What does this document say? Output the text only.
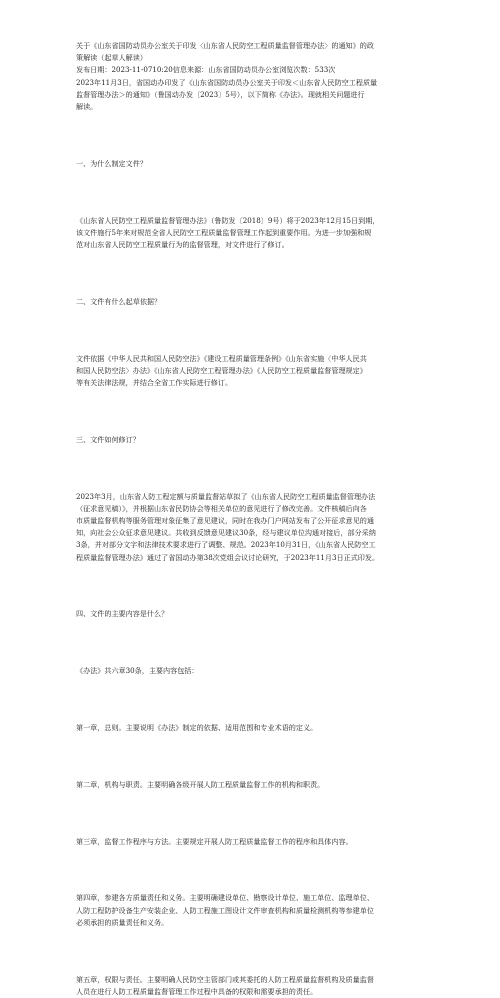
关于《山东省国防动员办公室关于印发〈山东省人民防空工程质量监督管理办法〉的通知》的政

策解读（起草人解读）

发布日期：2023-11-0710:20信息来源：山东省国防动员办公室浏览次数：533次

2023年11月3日，省国动办印发了《山东省国防动员办公室关于印发＜山东省人民防空工程质量

监督管理办法＞的通知》（鲁国动办发〔2023〕5号），以下简称《办法》。现就相关问题进行

解读。

一、为什么制定文件？

《山东省人民防空工程质量监督管理办法》（鲁防发〔2018〕9号）将于2023年12月15日到期，

该文件施行5年来对规范全省人民防空工程质量监督管理工作起到重要作用。为进一步加强和规

范对山东省人民防空工程质量行为的监督管理，对文件进行了修订。

二、文件有什么起草依据？

文件依据《中华人民共和国人民防空法》《建设工程质量管理条例》《山东省实施〈中华人民共

和国人民防空法〉办法》《山东省人民防空工程管理办法》《人民防空工程质量监督管理规定》

等有关法律法规，并结合全省工作实际进行修订。

三、文件如何修订？

2023年3月，山东省人防工程定额与质量监督站草拟了《山东省人民防空工程质量监督管理办法

（征求意见稿）》，并根据山东省民防协会等相关单位的意见进行了修改完善。文件核稿后向各

市质量监督机构等服务管理对象征集了意见建议，同时在我办门户网站发布了公开征求意见的通

知，向社会公众征求意见建议。共收到反馈意见建议30条，经与建议单位沟通对接后，部分采纳

3条，并对部分文字和法律技术要求进行了调整、规范。2023年10月31日，《山东省人民防空工

程质量监督管理办法》通过了省国动办第38次党组会议讨论研究，于2023年11月3日正式印发。

四、文件的主要内容是什么？

《办法》共六章30条，主要内容包括：

第一章，总则。主要说明《办法》制定的依据、适用范围和专业术语的定义。

第二章，机构与职责。主要明确各级开展人防工程质量监督工作的机构和职责。

第三章，监督工作程序与方法。主要规定开展人防工程质量监督工作的程序和具体内容。

第四章，参建各方质量责任和义务。主要明确建设单位、勘察设计单位、施工单位、监理单位、

人防工程防护设备生产安装企业、人防工程施工图设计文件审查机构和质量检测机构等参建单位

必须承担的质量责任和义务。

第五章，权限与责任。主要明确人民防空主管部门或其委托的人防工程质量监督机构及质量监督

人员在进行人防工程质量监督管理工作过程中具备的权限和需要承担的责任。
